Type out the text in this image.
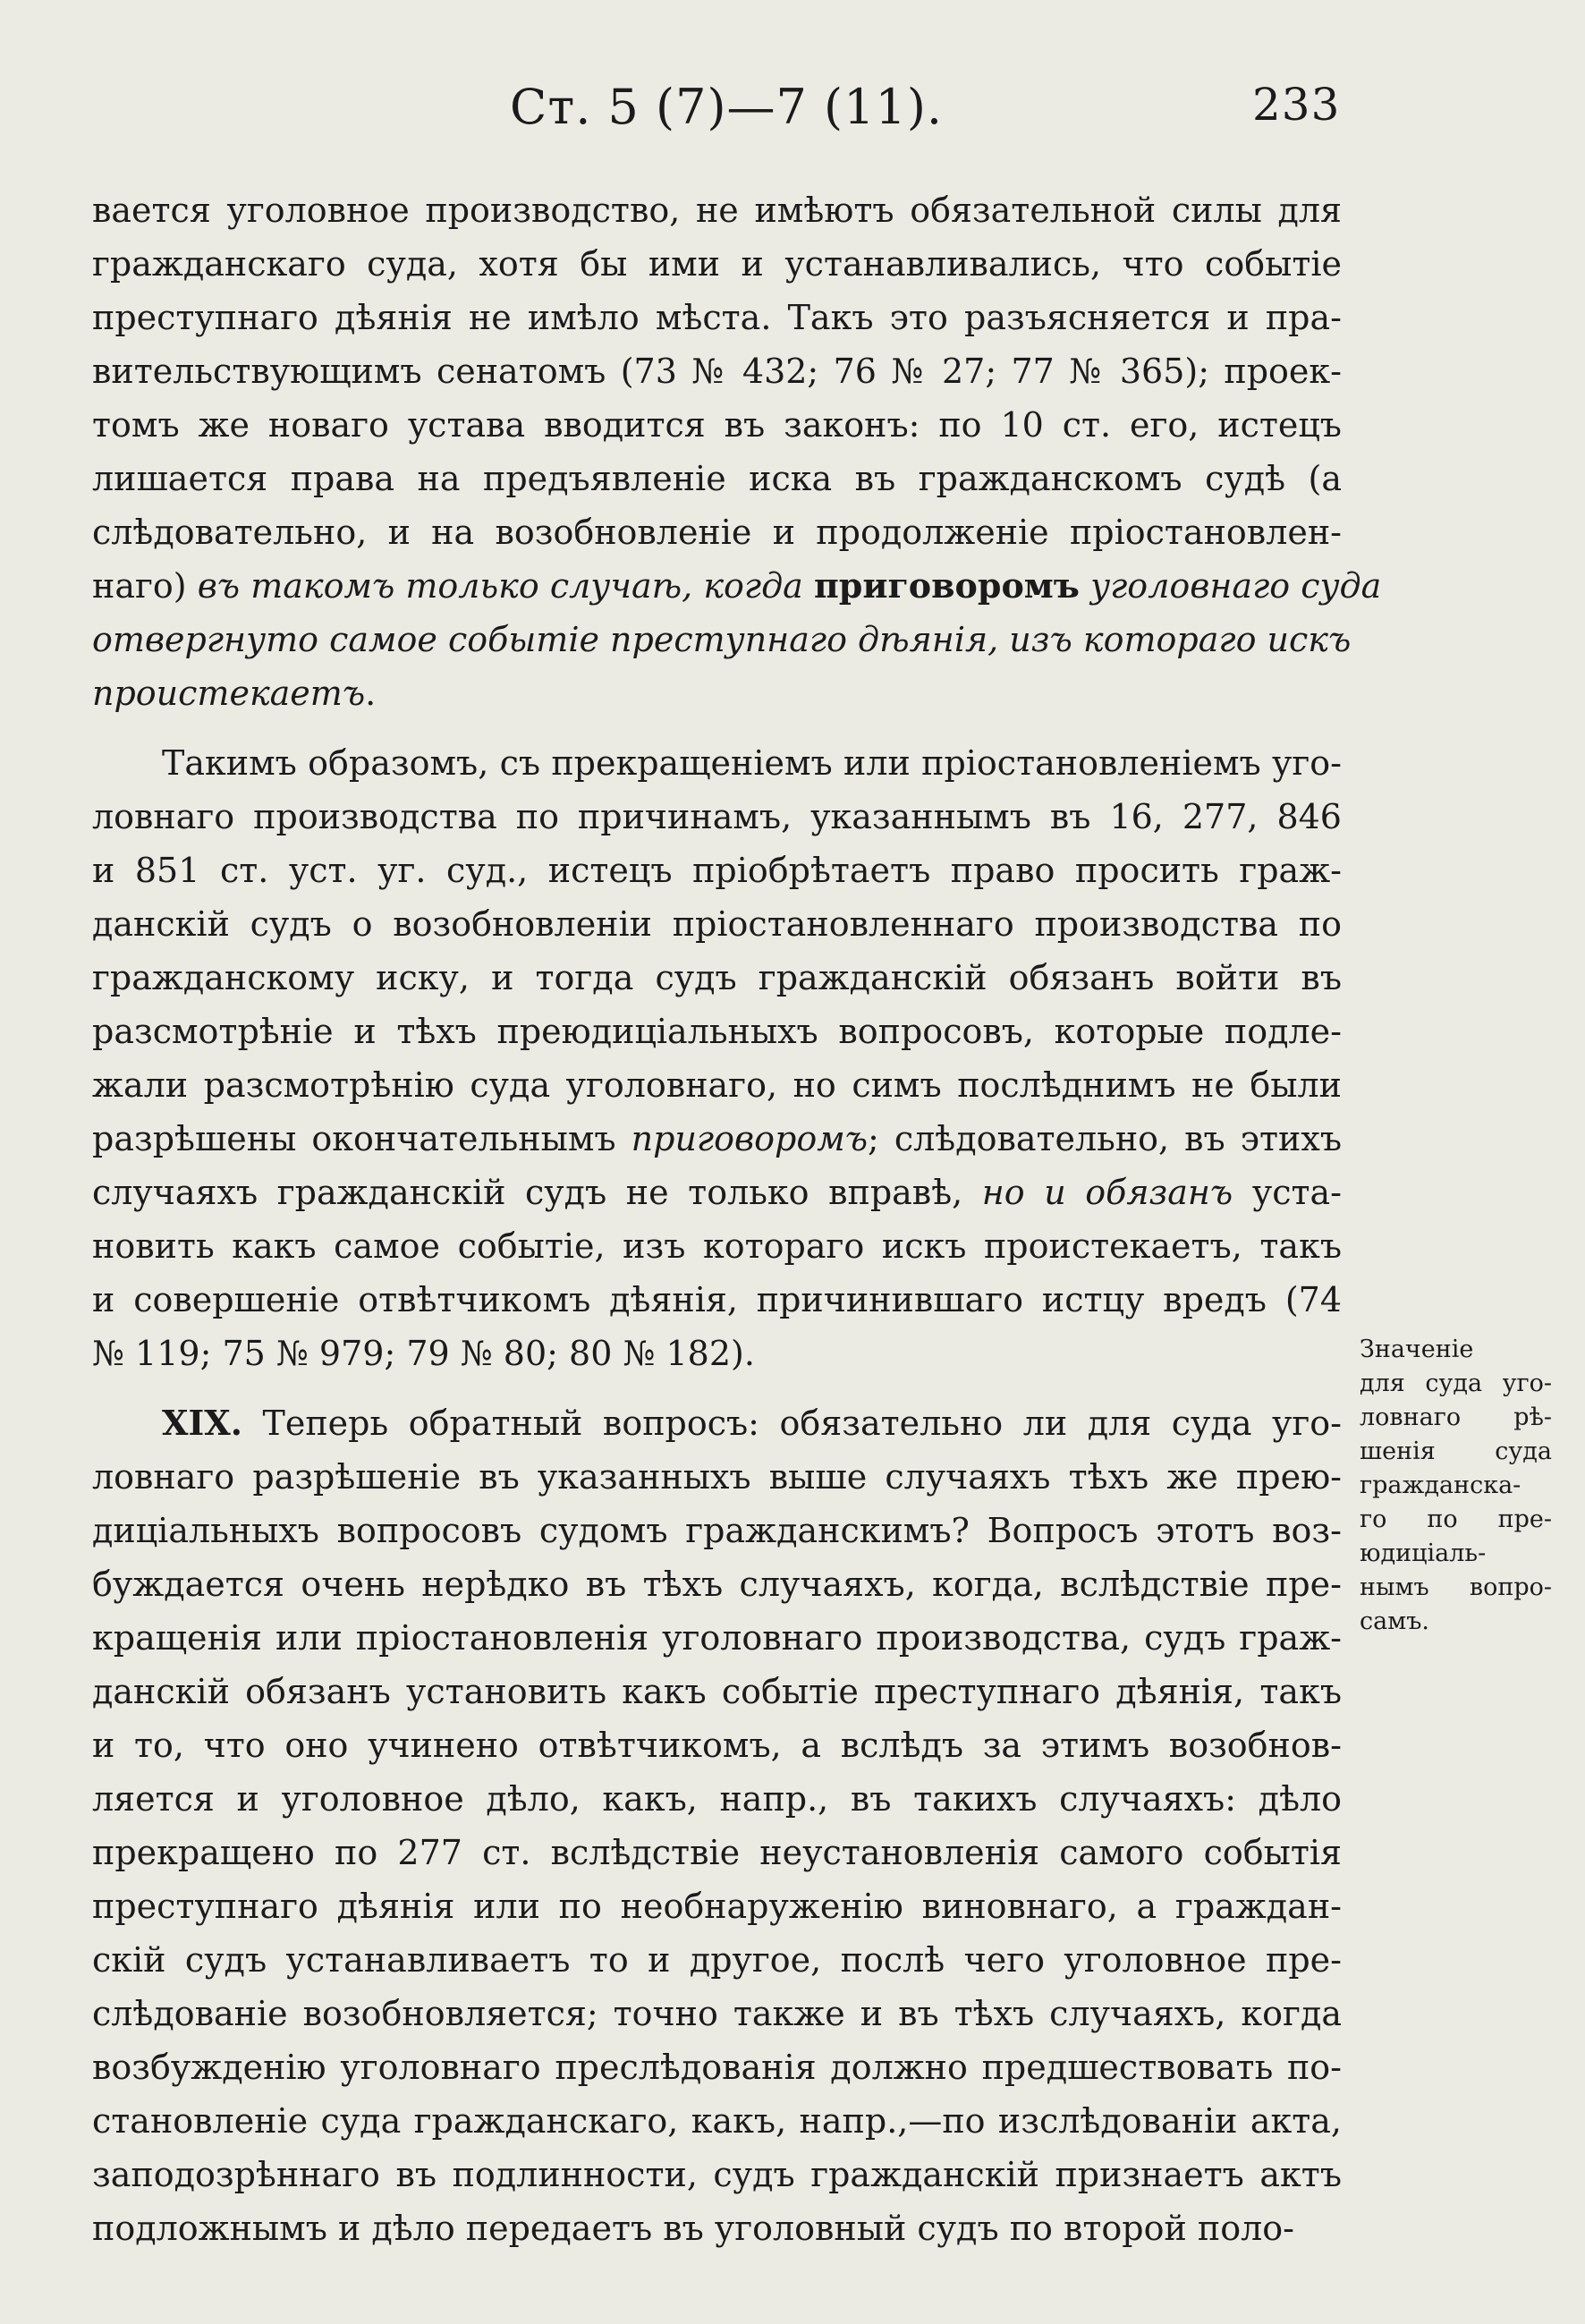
Ст. 5 (7)—7 (11).	233
вается уголовное производство, не имѣютъ обязательной силы для
гражданскаго суда, хотя бы ими и устанавливались, что событіе
преступнаго дѣянія не имѣло мѣста. Такъ это разъясняется и пра-
вительствующимъ сенатомъ (73 № 432; 76 № 27; 77 № 365); проек-
томъ же новаго устава вводится въ законъ: по 10 ст. его, истецъ
лишается права на предъявленіе иска въ гражданскомъ судѣ (а
слѣдовательно, и на возобновленіе и продолженіе пріостановлен-
наго) въ такомъ только случаѣ, когда приговоромъ уголовнаго суда
отвергнуто самое событіе преступнаго дѣянія, изъ котораго искъ
проистекаетъ.
Такимъ образомъ, съ прекращеніемъ или пріостановленіемъ уго-
ловнаго производства по причинамъ, указаннымъ въ 16, 277, 846
и 851 ст. уст. уг. суд., истецъ пріобрѣтаетъ право просить граж-
данскій судъ о возобновленіи пріостановленнаго производства по
гражданскому иску, и тогда судъ гражданскій обязанъ войти въ
разсмотрѣніе и тѣхъ преюдиціальныхъ вопросовъ, которые подле-
жали разсмотрѣнію суда уголовнаго, но симъ послѣднимъ не были
разрѣшены окончательнымъ приговоромъ; слѣдовательно, въ этихъ
случаяхъ гражданскій судъ не только вправѣ, но и обязанъ уста-
новить какъ самое событіе, изъ котораго искъ проистекаетъ, такъ
и совершеніе отвѣтчикомъ дѣянія, причинившаго истцу вредъ (74
№ 119; 75 № 979; 79 № 80; 80 № 182).
XIX. Теперь обратный вопросъ: обязательно ли для суда уго-
ловнаго разрѣшеніе въ указанныхъ выше случаяхъ тѣхъ же прею-
диціальныхъ вопросовъ судомъ гражданскимъ? Вопросъ этотъ воз-
буждается очень нерѣдко въ тѣхъ случаяхъ, когда, вслѣдствіе пре-
кращенія или пріостановленія уголовнаго производства, судъ граж-
данскій обязанъ установить какъ событіе преступнаго дѣянія, такъ
и то, что оно учинено отвѣтчикомъ, а вслѣдъ за этимъ возобнов-
ляется и уголовное дѣло, какъ, напр., въ такихъ случаяхъ: дѣло
прекращено по 277 ст. вслѣдствіе неустановленія самого событія
преступнаго дѣянія или по необнаруженію виновнаго, а граждан-
скій судъ устанавливаетъ то и другое, послѣ чего уголовное пре-
слѣдованіе возобновляется; точно также и въ тѣхъ случаяхъ, когда
возбужденію уголовнаго преслѣдованія должно предшествовать по-
становленіе суда гражданскаго, какъ, напр.,—по изслѣдованіи акта,
заподозрѣннаго въ подлинности, судъ гражданскій признаетъ актъ
подложнымъ и дѣло передаетъ въ уголовный судъ по второй поло-
Значеніе
для суда уго-
ловнаго рѣ-
шенія суда
гражданска-
го по пре-
юдиціаль-
нымъ вопро-
самъ.
